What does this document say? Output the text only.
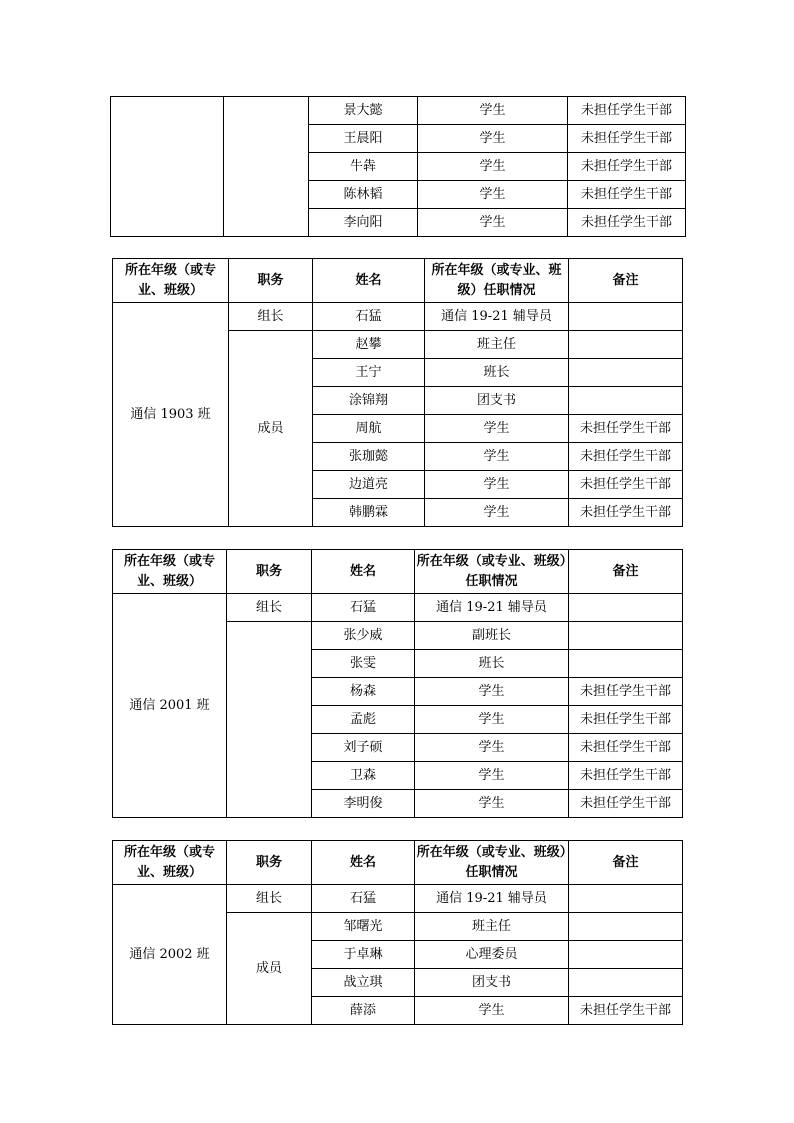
		景大懿	学生	未担任学生干部
		王晨阳	学生	未担任学生干部
		牛犇	学生	未担任学生干部
		陈林韬	学生	未担任学生干部
		李向阳	学生	未担任学生干部
所在年级（或专业、班级）	职务	姓名	所在年级（或专业、班级）任职情况	备注
通信 1903 班	组长	石猛	通信 19-21 辅导员	
	成员	赵攀	班主任	
		王宁	班长	
		涂锦翔	团支书	
		周航	学生	未担任学生干部
		张珈懿	学生	未担任学生干部
		边道亮	学生	未担任学生干部
		韩鹏霖	学生	未担任学生干部
所在年级（或专业、班级）	职务	姓名	所在年级（或专业、班级）任职情况	备注
通信 2001 班	组长	石猛	通信 19-21 辅导员	
		张少威	副班长	
		张雯	班长	
		杨森	学生	未担任学生干部
		孟彪	学生	未担任学生干部
		刘子硕	学生	未担任学生干部
		卫森	学生	未担任学生干部
		李明俊	学生	未担任学生干部
所在年级（或专业、班级）	职务	姓名	所在年级（或专业、班级）任职情况	备注
通信 2002 班	组长	石猛	通信 19-21 辅导员	
	成员	邹曙光	班主任	
		于卓琳	心理委员	
		战立琪	团支书	
		薛添	学生	未担任学生干部
